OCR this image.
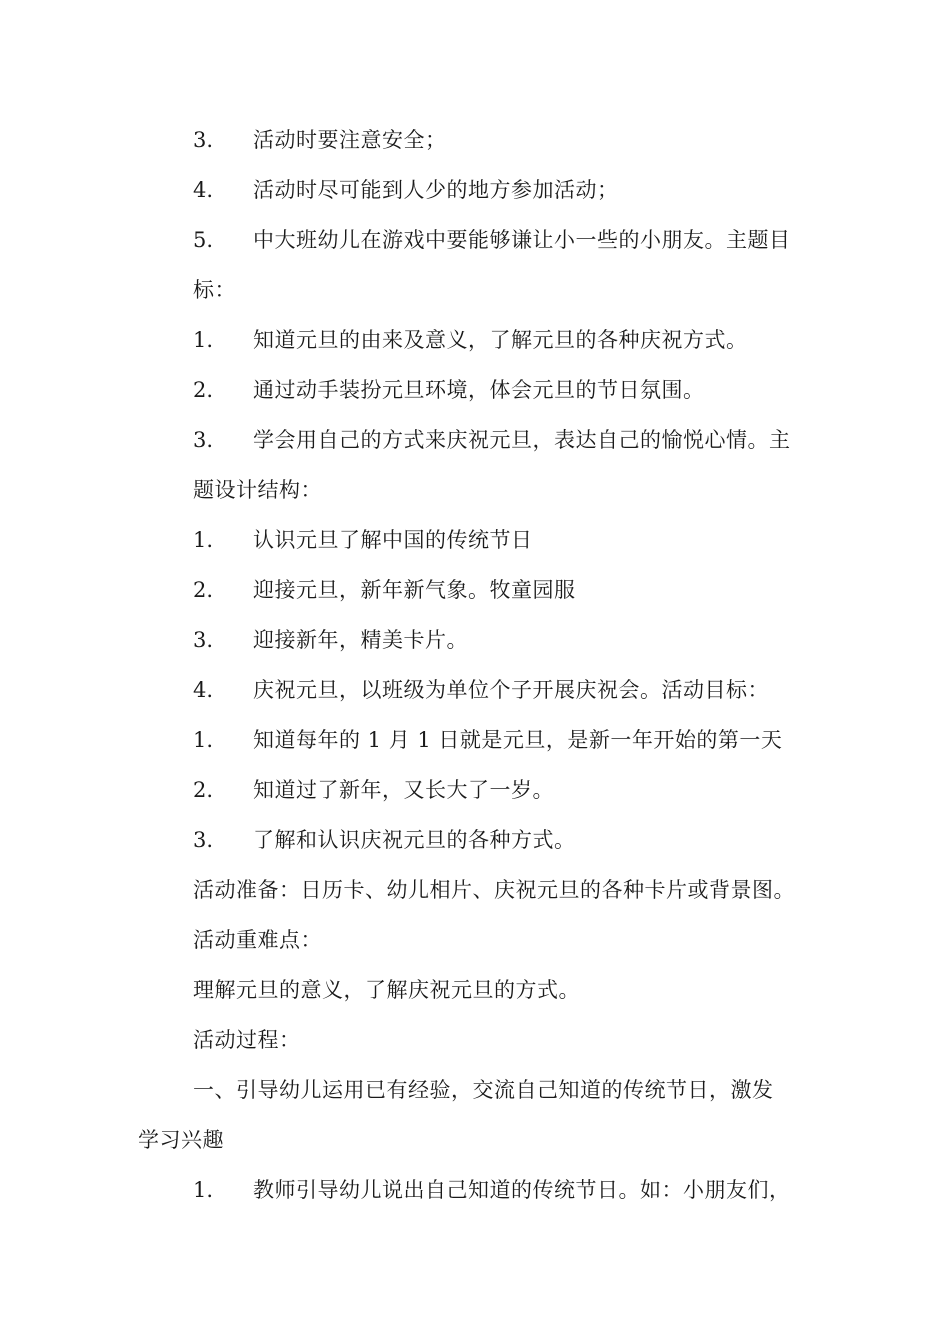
3. 活动时要注意安全；
4. 活动时尽可能到人少的地方参加活动；
5. 中大班幼儿在游戏中要能够谦让小一些的小朋友。主题目
标：
1. 知道元旦的由来及意义，了解元旦的各种庆祝方式。
2. 通过动手装扮元旦环境，体会元旦的节日氛围。
3. 学会用自己的方式来庆祝元旦，表达自己的愉悦心情。主
题设计结构：
1. 认识元旦了解中国的传统节日
2. 迎接元旦，新年新气象。牧童园服
3. 迎接新年，精美卡片。
4. 庆祝元旦，以班级为单位个子开展庆祝会。活动目标：
1. 知道每年的 1 月 1 日就是元旦，是新一年开始的第一天
2. 知道过了新年，又长大了一岁。
3. 了解和认识庆祝元旦的各种方式。
活动准备：日历卡、幼儿相片、庆祝元旦的各种卡片或背景图。
活动重难点：
理解元旦的意义，了解庆祝元旦的方式。
活动过程：
一、引导幼儿运用已有经验，交流自己知道的传统节日，激发
学习兴趣
1. 教师引导幼儿说出自己知道的传统节日。如：小朋友们，
